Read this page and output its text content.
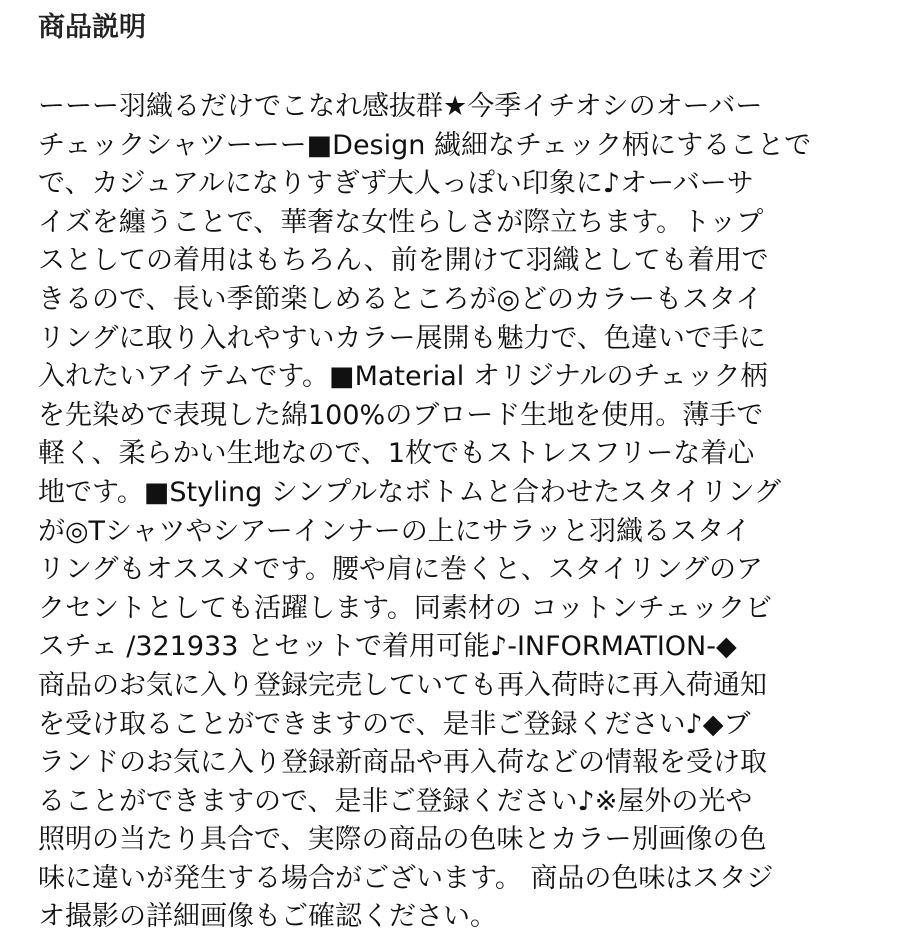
商品説明
ーーー羽織るだけでこなれ感抜群★今季イチオシのオーバー
チェックシャツーーー■Design 繊細なチェック柄にすることで
で、カジュアルになりすぎず大人っぽい印象に♪オーバーサ
イズを纏うことで、華奢な女性らしさが際立ちます。トップ
スとしての着用はもちろん、前を開けて羽織としても着用で
きるので、長い季節楽しめるところが◎どのカラーもスタイ
リングに取り入れやすいカラー展開も魅力で、色違いで手に
入れたいアイテムです。■Material オリジナルのチェック柄
を先染めで表現した綿100%のブロード生地を使用。薄手で
軽く、柔らかい生地なので、1枚でもストレスフリーな着心
地です。■Styling シンプルなボトムと合わせたスタイリング
が◎Tシャツやシアーインナーの上にサラッと羽織るスタイ
リングもオススメです。腰や肩に巻くと、スタイリングのア
クセントとしても活躍します。同素材の コットンチェックビ
スチェ /321933 とセットで着用可能♪-INFORMATION-◆
商品のお気に入り登録完売していても再入荷時に再入荷通知
を受け取ることができますので、是非ご登録ください♪◆ブ
ランドのお気に入り登録新商品や再入荷などの情報を受け取
ることができますので、是非ご登録ください♪※屋外の光や
照明の当たり具合で、実際の商品の色味とカラー別画像の色
味に違いが発生する場合がございます。 商品の色味はスタジ
オ撮影の詳細画像もご確認ください。
